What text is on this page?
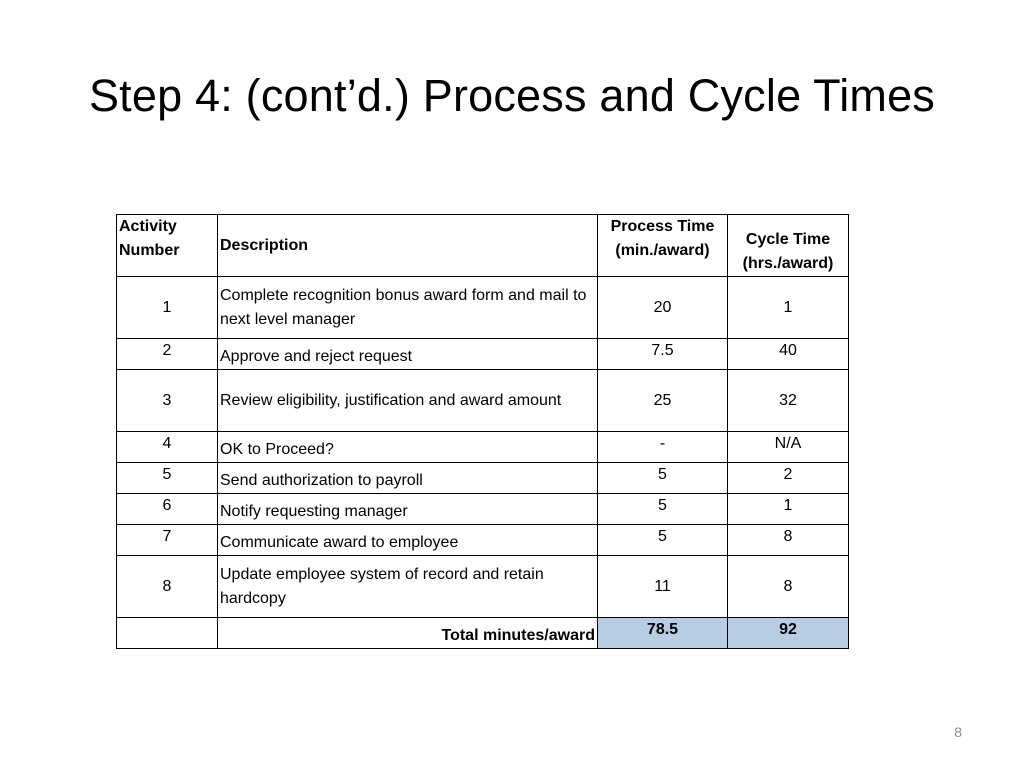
Step 4: (cont’d.) Process and Cycle Times
Activity Number	Description	Process Time (min./award)	Cycle Time (hrs./award)
1	Complete recognition bonus award form and mail to next level manager	20	1
2	Approve and reject request	7.5	40
3	Review eligibility, justification and award amount	25	32
4	OK to Proceed?	-	N/A
5	Send authorization to payroll	5	2
6	Notify requesting manager	5	1
7	Communicate award to employee	5	8
8	Update employee system of record and retain hardcopy	11	8
	Total minutes/award	78.5	92
8
